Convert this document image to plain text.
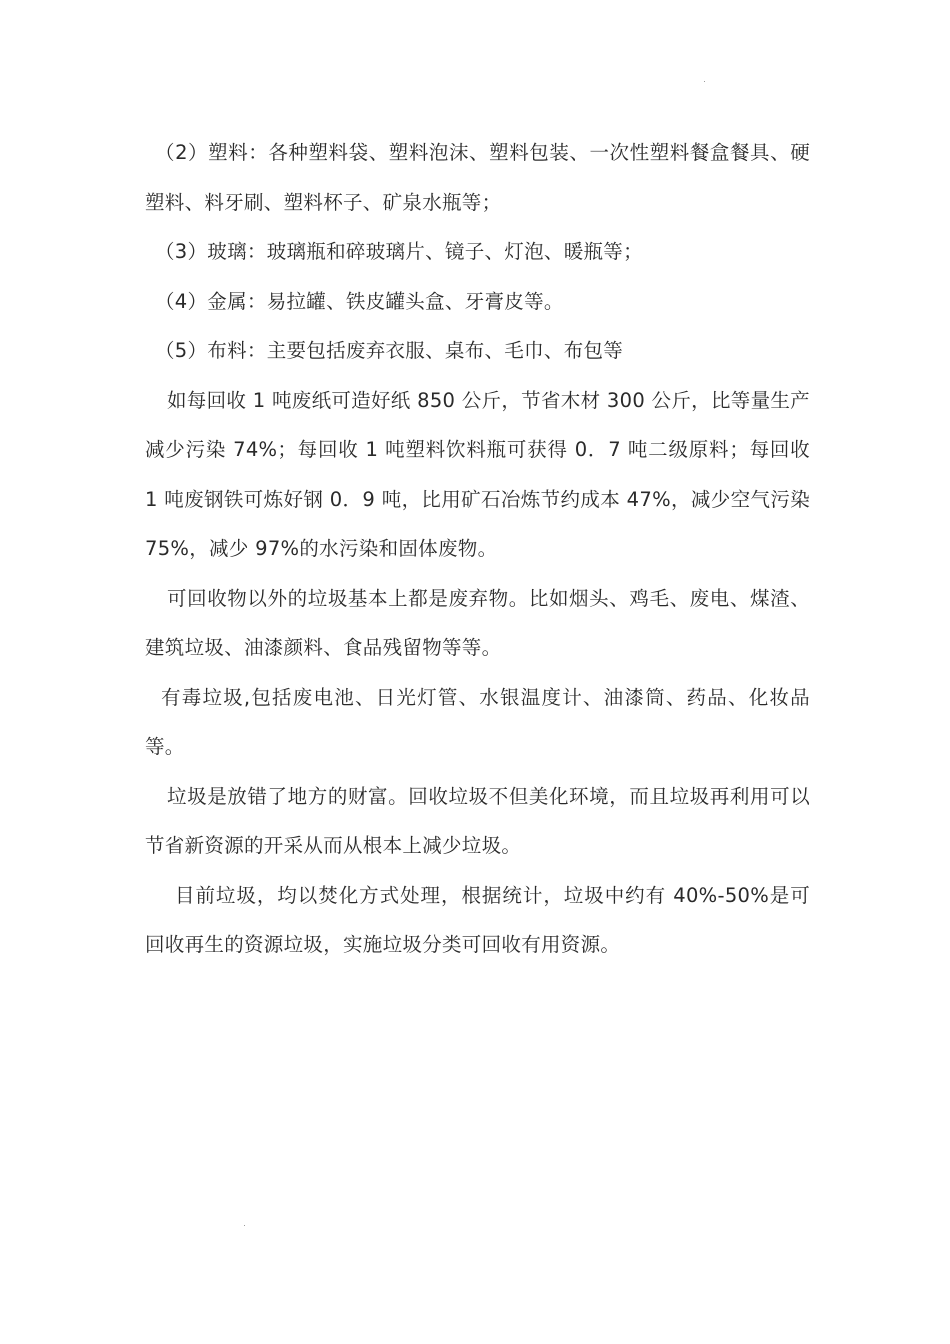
（2）塑料：各种塑料袋、塑料泡沫、塑料包装、一次性塑料餐盒餐具、硬塑料、料牙刷、塑料杯子、矿泉水瓶等；

（3）玻璃：玻璃瓶和碎玻璃片、镜子、灯泡、暖瓶等；

（4）金属：易拉罐、铁皮罐头盒、牙膏皮等。

（5）布料：主要包括废弃衣服、桌布、毛巾、布包等

如每回收 1 吨废纸可造好纸 850 公斤，节省木材 300 公斤，比等量生产减少污染 74%；每回收 1 吨塑料饮料瓶可获得 0．7 吨二级原料；每回收 1 吨废钢铁可炼好钢 0．9 吨，比用矿石冶炼节约成本 47%，减少空气污染 75%，减少 97%的水污染和固体废物。

可回收物以外的垃圾基本上都是废弃物。比如烟头、鸡毛、废电、煤渣、建筑垃圾、油漆颜料、食品残留物等等。

有毒垃圾,包括废电池、日光灯管、水银温度计、油漆筒、药品、化妆品等。

垃圾是放错了地方的财富。回收垃圾不但美化环境，而且垃圾再利用可以节省新资源的开采从而从根本上减少垃圾。

目前垃圾，均以焚化方式处理，根据统计，垃圾中约有 40%-50%是可回收再生的资源垃圾，实施垃圾分类可回收有用资源。
